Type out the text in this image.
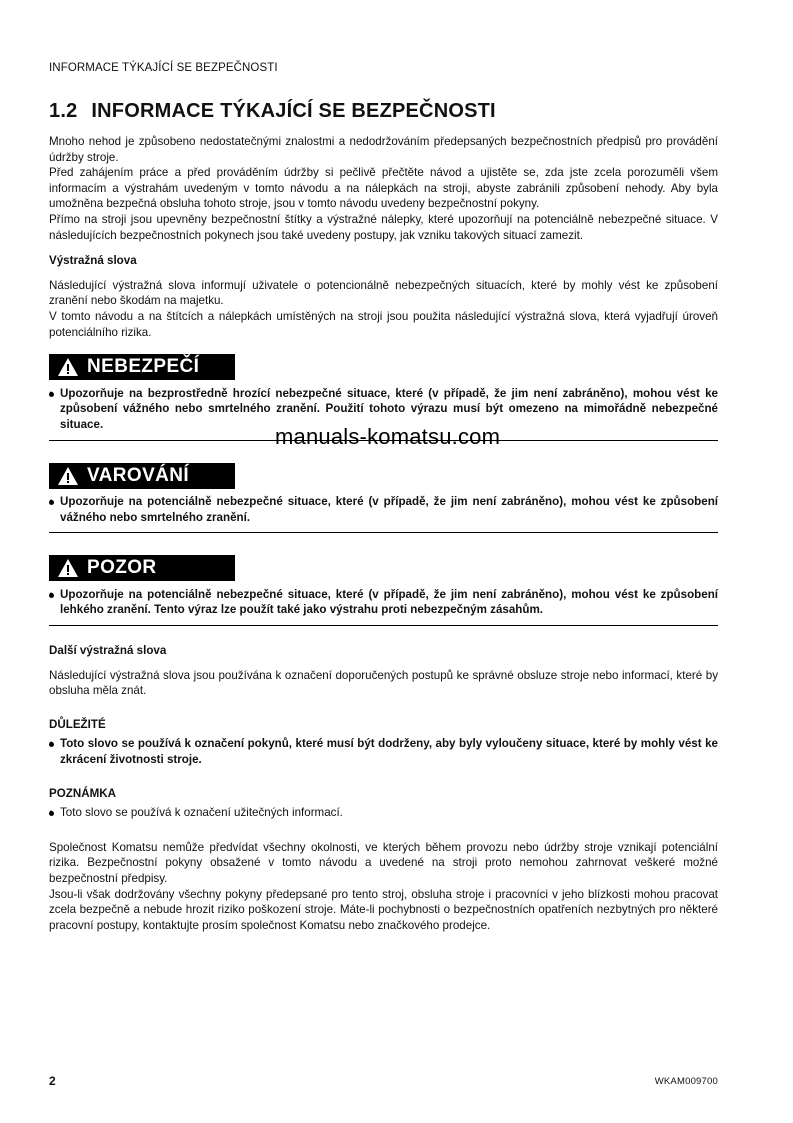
INFORMACE TÝKAJÍCÍ SE BEZPEČNOSTI
1.2 INFORMACE TÝKAJÍCÍ SE BEZPEČNOSTI

Mnoho nehod je způsobeno nedostatečnými znalostmi a nedodržováním předepsaných bezpečnostních předpisů pro provádění údržby stroje.

Před zahájením práce a před prováděním údržby si pečlivě přečtěte návod a ujistěte se, zda jste zcela porozuměli všem informacím a výstrahám uvedeným v tomto návodu a na nálepkách na stroji, abyste zabránili způsobení nehody. Aby byla umožněna bezpečná obsluha tohoto stroje, jsou v tomto návodu uvedeny bezpečnostní pokyny.

Přímo na stroji jsou upevněny bezpečnostní štítky a výstražné nálepky, které upozorňují na potenciálně nebezpečné situace. V následujících bezpečnostních pokynech jsou také uvedeny postupy, jak vzniku takových situací zamezit.

Výstražná slova

Následující výstražná slova informují uživatele o potencionálně nebezpečných situacích, které by mohly vést ke způsobení zranění nebo škodám na majetku.

V tomto návodu a na štítcích a nálepkách umístěných na stroji jsou použita následující výstražná slova, která vyjadřují úroveň potenciálního rizika.

NEBEZPEČÍ
● Upozorňuje na bezprostředně hrozící nebezpečné situace, které (v případě, že jim není zabráněno), mohou vést ke způsobení vážného nebo smrtelného zranění. Použití tohoto výrazu musí být omezeno na mimořádně nebezpečné situace.
VAROVÁNÍ
● Upozorňuje na potenciálně nebezpečné situace, které (v případě, že jim není zabráněno), mohou vést ke způsobení vážného nebo smrtelného zranění.
POZOR
● Upozorňuje na potenciálně nebezpečné situace, které (v případě, že jim není zabráněno), mohou vést ke způsobení lehkého zranění. Tento výraz lze použít také jako výstrahu proti nebezpečným zásahům.
Další výstražná slova

Následující výstražná slova jsou používána k označení doporučených postupů ke správné obsluze stroje nebo informací, které by obsluha měla znát.

DŮLEŽITÉ
● Toto slovo se používá k označení pokynů, které musí být dodrženy, aby byly vyloučeny situace, které by mohly vést ke zkrácení životnosti stroje.
POZNÁMKA
● Toto slovo se používá k označení užitečných informací.

Společnost Komatsu nemůže předvídat všechny okolnosti, ve kterých během provozu nebo údržby stroje vznikají potenciální rizika. Bezpečnostní pokyny obsažené v tomto návodu a uvedené na stroji proto nemohou zahrnovat veškeré možné bezpečnostní předpisy.

Jsou-li však dodržovány všechny pokyny předepsané pro tento stroj, obsluha stroje i pracovníci v jeho blízkosti mohou pracovat zcela bezpečně a nebude hrozit riziko poškození stroje. Máte-li pochybnosti o bezpečnostních opatřeních nezbytných pro některé pracovní postupy, kontaktujte prosím společnost Komatsu nebo značkového prodejce.

manuals-komatsu.com
2	WKAM009700
